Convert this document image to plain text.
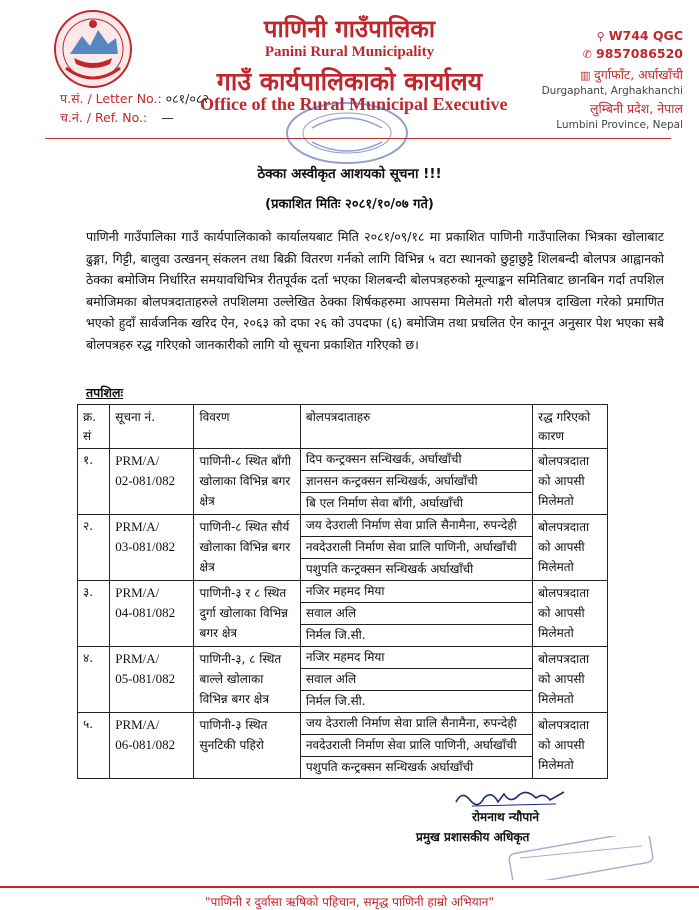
पाणिनी गाउँपालिका
Panini Rural Municipality
गाउँ कार्यपालिकाको कार्यालय
Office of the Rural Municipal Executive
प.सं. / Letter No.: ०८१/०८२
च.नं. / Ref. No.: —
⚲ W744 QGC
✆ 9857086520
▥ दुर्गाफाँट, अर्घाखाँची
Durgaphant, Arghakhanchi
लुम्बिनी प्रदेश, नेपाल
Lumbini Province, Nepal
ठेक्का अस्वीकृत आशयको सूचना !!!
(प्रकाशित मितिः २०८१/१०/०७ गते)

पाणिनी गाउँपालिका गाउँ कार्यपालिकाको कार्यालयबाट मिति २०८१/०९/१८ मा प्रकाशित पाणिनी गाउँपालिका भित्रका खोलाबाट ढुङ्गा, गिट्टी, बालुवा उत्खनन् संकलन तथा बिक्री वितरण गर्नको लागि विभिन्न ५ वटा स्थानको छुट्टाछुट्टै शिलबन्दी बोलपत्र आह्वानको ठेक्का बमोजिम निर्धारित समयावधिभित्र रीतपूर्वक दर्ता भएका शिलबन्दी बोलपत्रहरुको मूल्याङ्कन समितिबाट छानबिन गर्दा तपशिल बमोजिमका बोलपत्रदाताहरुले तपशिलमा उल्लेखित ठेक्का शिर्षकहरुमा आपसमा मिलेमतो गरी बोलपत्र दाखिला गरेको प्रमाणित भएको हुदाँ सार्वजनिक खरिद ऐन, २०६३ को दफा २६ को उपदफा (६) बमोजिम तथा प्रचलित ऐन कानून अनुसार पेश भएका सबै बोलपत्रहरु रद्ध गरिएको जानकारीको लागि यो सूचना प्रकाशित गरिएको छ।

तपशिलः
क्र. सं	सूचना नं.	विवरण	बोलपत्रदाताहरु	रद्ध गरिएको कारण
१.	PRM/A/
02-081/082	पाणिनी-८ स्थित बाँगी खोलाका विभिन्न बगर क्षेत्र	दिप कन्ट्रक्सन सन्धिखर्क, अर्घाखाँची	बोलपत्रदाता को आपसी मिलेमतो
			ज्ञानसन कन्ट्रक्सन सन्धिखर्क, अर्घाखाँची	
			बि एल निर्माण सेवा बाँगी, अर्घाखाँची	
२.	PRM/A/
03-081/082	पाणिनी-८ स्थित सौर्य खोलाका विभिन्न बगर क्षेत्र	जय देउराली निर्माण सेवा प्रालि सैनामैना, रुपन्देही	बोलपत्रदाता को आपसी मिलेमतो
			नवदेउराली निर्माण सेवा प्रालि पाणिनी, अर्घाखाँची	
			पशुपति कन्ट्रक्सन सन्धिखर्क अर्घाखाँची	
३.	PRM/A/
04-081/082	पाणिनी-३ र ८ स्थित दुर्गा खोलाका विभिन्न बगर क्षेत्र	नजिर महमद मिया	बोलपत्रदाता को आपसी मिलेमतो
			सवाल अलि	
			निर्मल जि.सी.	
४.	PRM/A/
05-081/082	पाणिनी-३, ८ स्थित बाल्ले खोलाका विभिन्न बगर क्षेत्र	नजिर महमद मिया	बोलपत्रदाता को आपसी मिलेमतो
			सवाल अलि	
			निर्मल जि.सी.	
५.	PRM/A/
06-081/082	पाणिनी-३ स्थित सुनटिकी पहिरो	जय देउराली निर्माण सेवा प्रालि सैनामैना, रुपन्देही	बोलपत्रदाता को आपसी मिलेमतो
			नवदेउराली निर्माण सेवा प्रालि पाणिनी, अर्घाखाँची	
			पशुपति कन्ट्रक्सन सन्धिखर्क अर्घाखाँची	
रोमनाथ न्यौपाने
प्रमुख प्रशासकीय अधिकृत
"पाणिनी र दुर्वासा ऋषिको पहिचान, समृद्ध पाणिनी हाम्रो अभियान"
